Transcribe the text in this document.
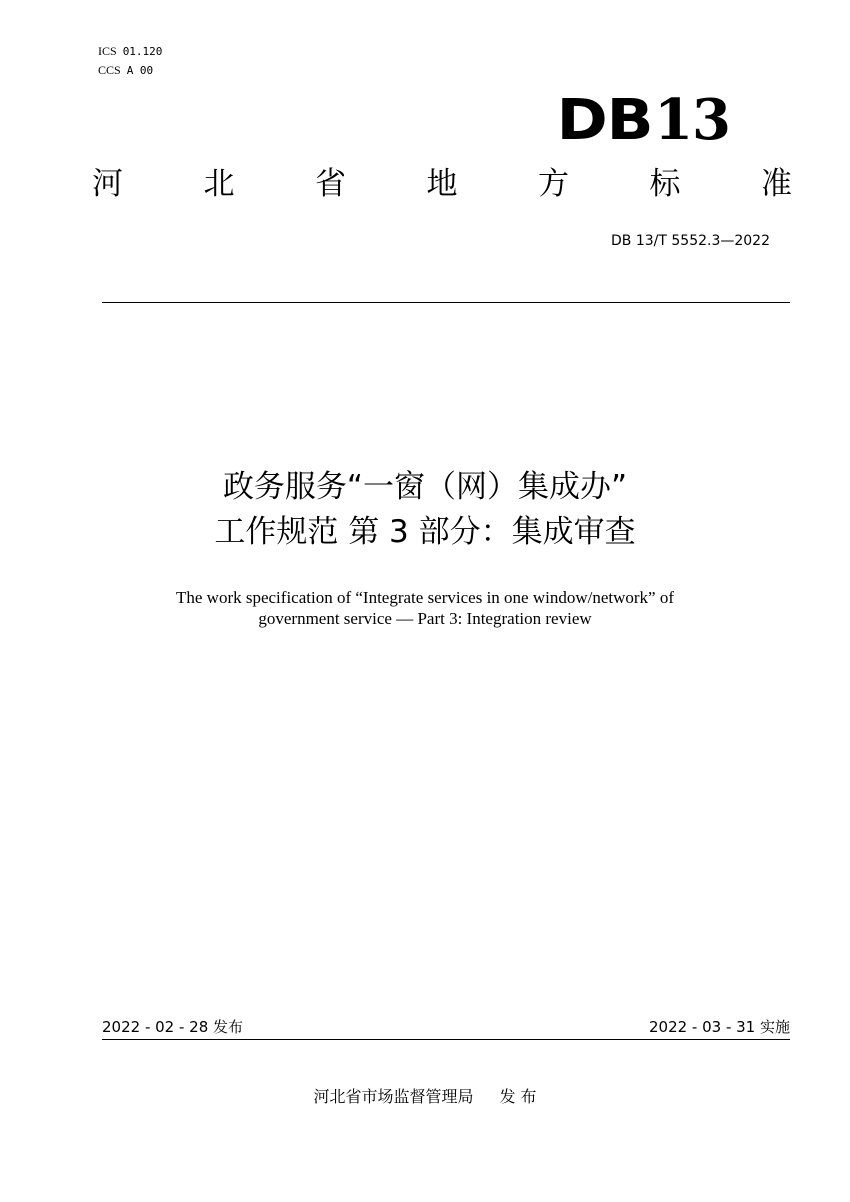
ICS 01.120
CCS A 00
DB13
河	北	省	地	方	标	准
DB 13/T 5552.3—2022
政务服务“一窗（网）集成办”
工作规范 第 3 部分：集成审查
The work specification of “Integrate services in one window/network” of
government service — Part 3: Integration review
2022 - 02 - 28 发布	2022 - 03 - 31 实施
河北省市场监督管理局 发 布
